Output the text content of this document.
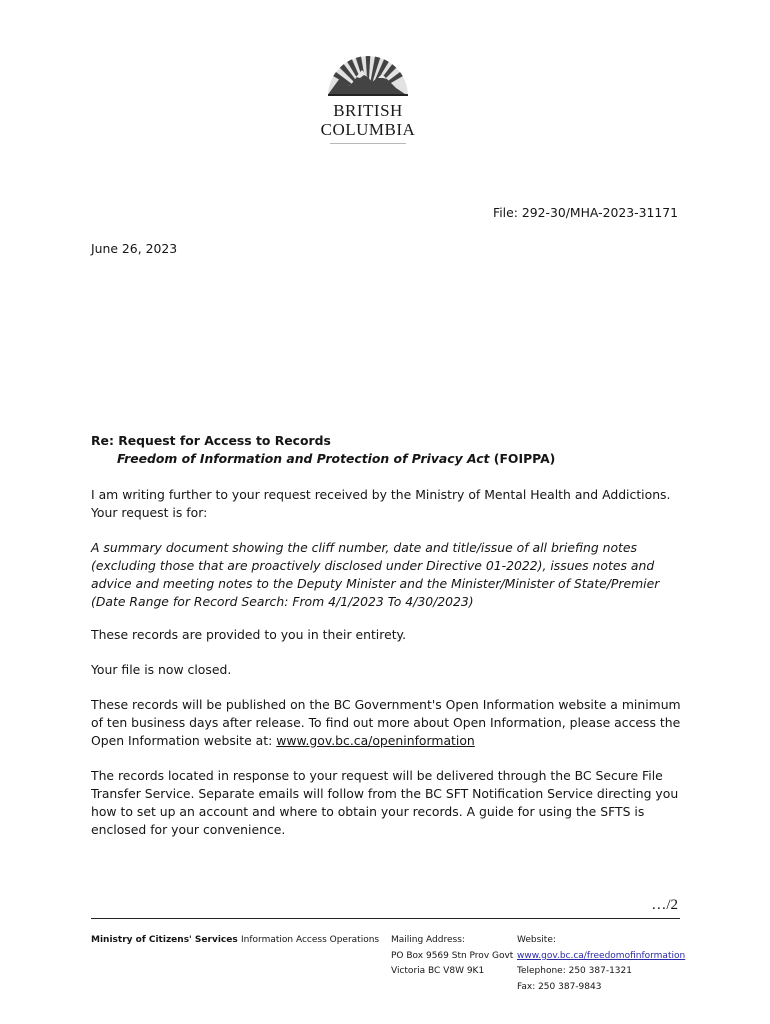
BRITISH
COLUMBIA
File: 292-30/MHA-2023-31171
June 26, 2023
Re: Request for Access to Records
Freedom of Information and Protection of Privacy Act (FOIPPA)
I am writing further to your request received by the Ministry of Mental Health and Addictions. Your request is for:
A summary document showing the cliff number, date and title/issue of all briefing notes (excluding those that are proactively disclosed under Directive 01-2022), issues notes and advice and meeting notes to the Deputy Minister and the Minister/Minister of State/Premier (Date Range for Record Search: From 4/1/2023 To 4/30/2023)
These records are provided to you in their entirety.
Your file is now closed.
These records will be published on the BC Government's Open Information website a minimum of ten business days after release. To find out more about Open Information, please access the Open Information website at: www.gov.bc.ca/openinformation
The records located in response to your request will be delivered through the BC Secure File Transfer Service. Separate emails will follow from the BC SFT Notification Service directing you how to set up an account and where to obtain your records. A guide for using the SFTS is enclosed for your convenience.
…/2
Ministry of Citizens' Services Information Access Operations Mailing Address:
PO Box 9569 Stn Prov Govt
Victoria BC V8W 9K1
Website:
www.gov.bc.ca/freedomofinformation
Telephone: 250 387-1321
Fax: 250 387-9843
